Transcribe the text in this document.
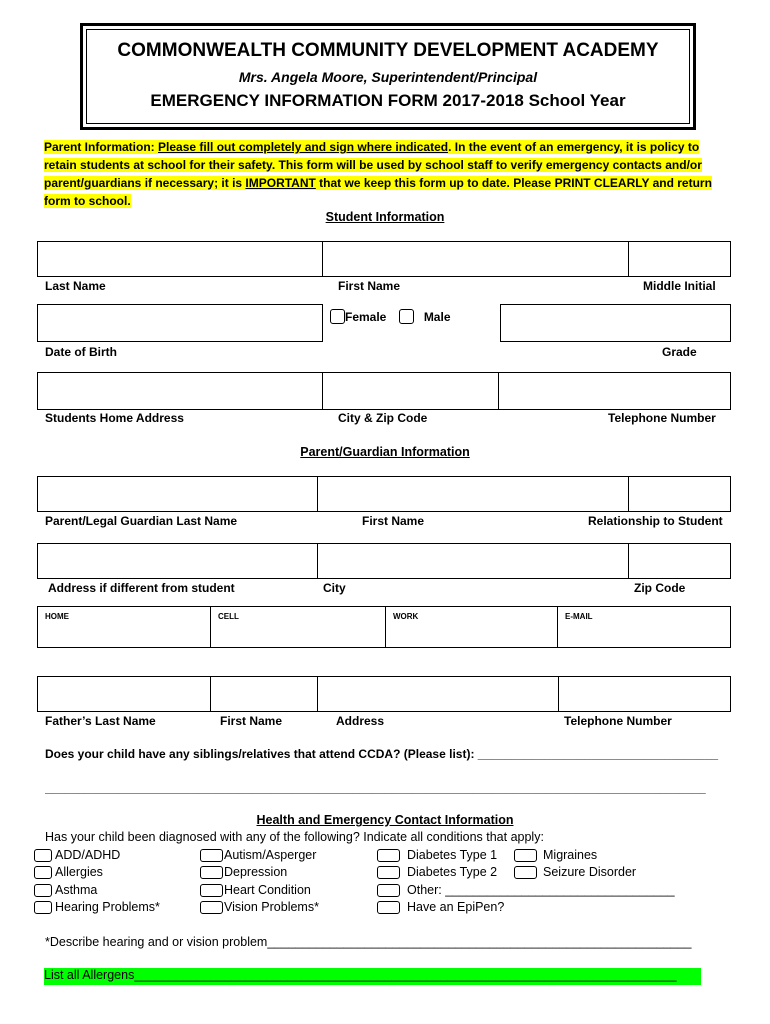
COMMONWEALTH COMMUNITY DEVELOPMENT ACADEMY
Mrs. Angela Moore, Superintendent/Principal
EMERGENCY INFORMATION FORM 2017-2018 School Year
Parent Information: Please fill out completely and sign where indicated. In the event of an emergency, it is policy to retain students at school for their safety. This form will be used by school staff to verify emergency contacts and/or parent/guardians if necessary; it is IMPORTANT that we keep this form up to date. Please PRINT CLEARLY and return form to school.
Student Information
Last Name	First Name	Middle Initial
Female	Male
Date of Birth	Grade
Students Home Address	City & Zip Code	Telephone Number
Parent/Guardian Information
Parent/Legal Guardian Last Name	First Name	Relationship to Student
Address if different from student	City	Zip Code
HOME	CELL	WORK	E-MAIL
Father’s Last Name	First Name	Address	Telephone Number
Does your child have any siblings/relatives that attend CCDA? (Please list): ____________________________________
___________________________________________________________________________________________________
Health and Emergency Contact Information
Has your child been diagnosed with any of the following? Indicate all conditions that apply:
ADD/ADHD
Allergies
Asthma
Hearing Problems*
Autism/Asperger
Depression
Heart Condition
Vision Problems*
Diabetes Type 1
Diabetes Type 2
Other: _________________________________
Have an EpiPen?
Migraines
Seizure Disorder
*Describe hearing and or vision problem_____________________________________________________________
List all Allergens______________________________________________________________________________
